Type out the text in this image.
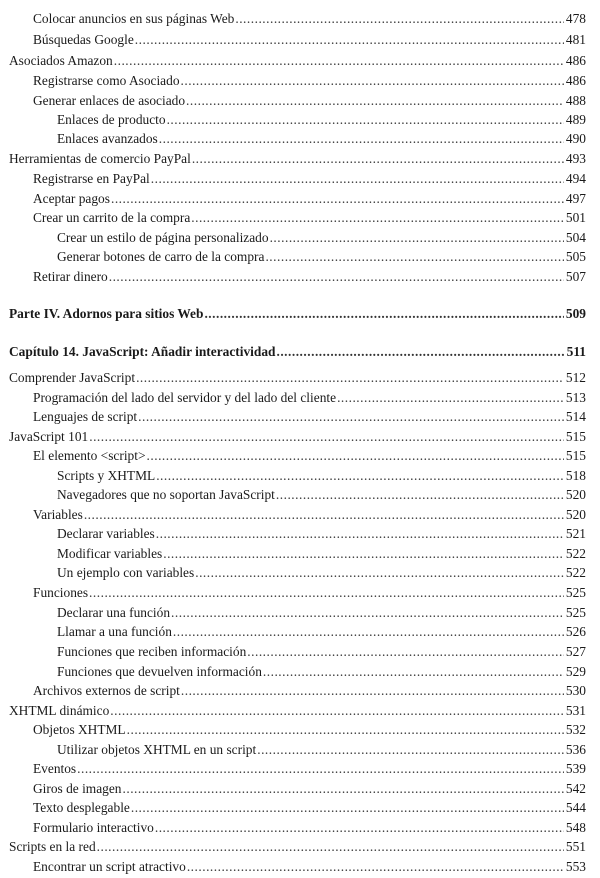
Colocar anuncios en sus páginas Web .....	478
Búsquedas Google .....	481
Asociados Amazon .....	486
Registrarse como Asociado .....	486
Generar enlaces de asociado .....	488
Enlaces de producto .....	489
Enlaces avanzados .....	490
Herramientas de comercio PayPal .....	493
Registrarse en PayPal .....	494
Aceptar pagos .....	497
Crear un carrito de la compra .....	501
Crear un estilo de página personalizado .....	504
Generar botones de carro de la compra .....	505
Retirar dinero .....	507
Parte IV. Adornos para sitios Web .....	509
Capítulo 14. JavaScript: Añadir interactividad .....	511
Comprender JavaScript .....	512
Programación del lado del servidor y del lado del cliente .....	513
Lenguajes de script .....	514
JavaScript 101 .....	515
El elemento <script> .....	515
Scripts y XHTML .....	518
Navegadores que no soportan JavaScript .....	520
Variables .....	520
Declarar variables .....	521
Modificar variables .....	522
Un ejemplo con variables .....	522
Funciones .....	525
Declarar una función .....	525
Llamar a una función .....	526
Funciones que reciben información .....	527
Funciones que devuelven información .....	529
Archivos externos de script .....	530
XHTML dinámico .....	531
Objetos XHTML .....	532
Utilizar objetos XHTML en un script .....	536
Eventos .....	539
Giros de imagen .....	542
Texto desplegable .....	544
Formulario interactivo .....	548
Scripts en la red .....	551
Encontrar un script atractivo .....	553
